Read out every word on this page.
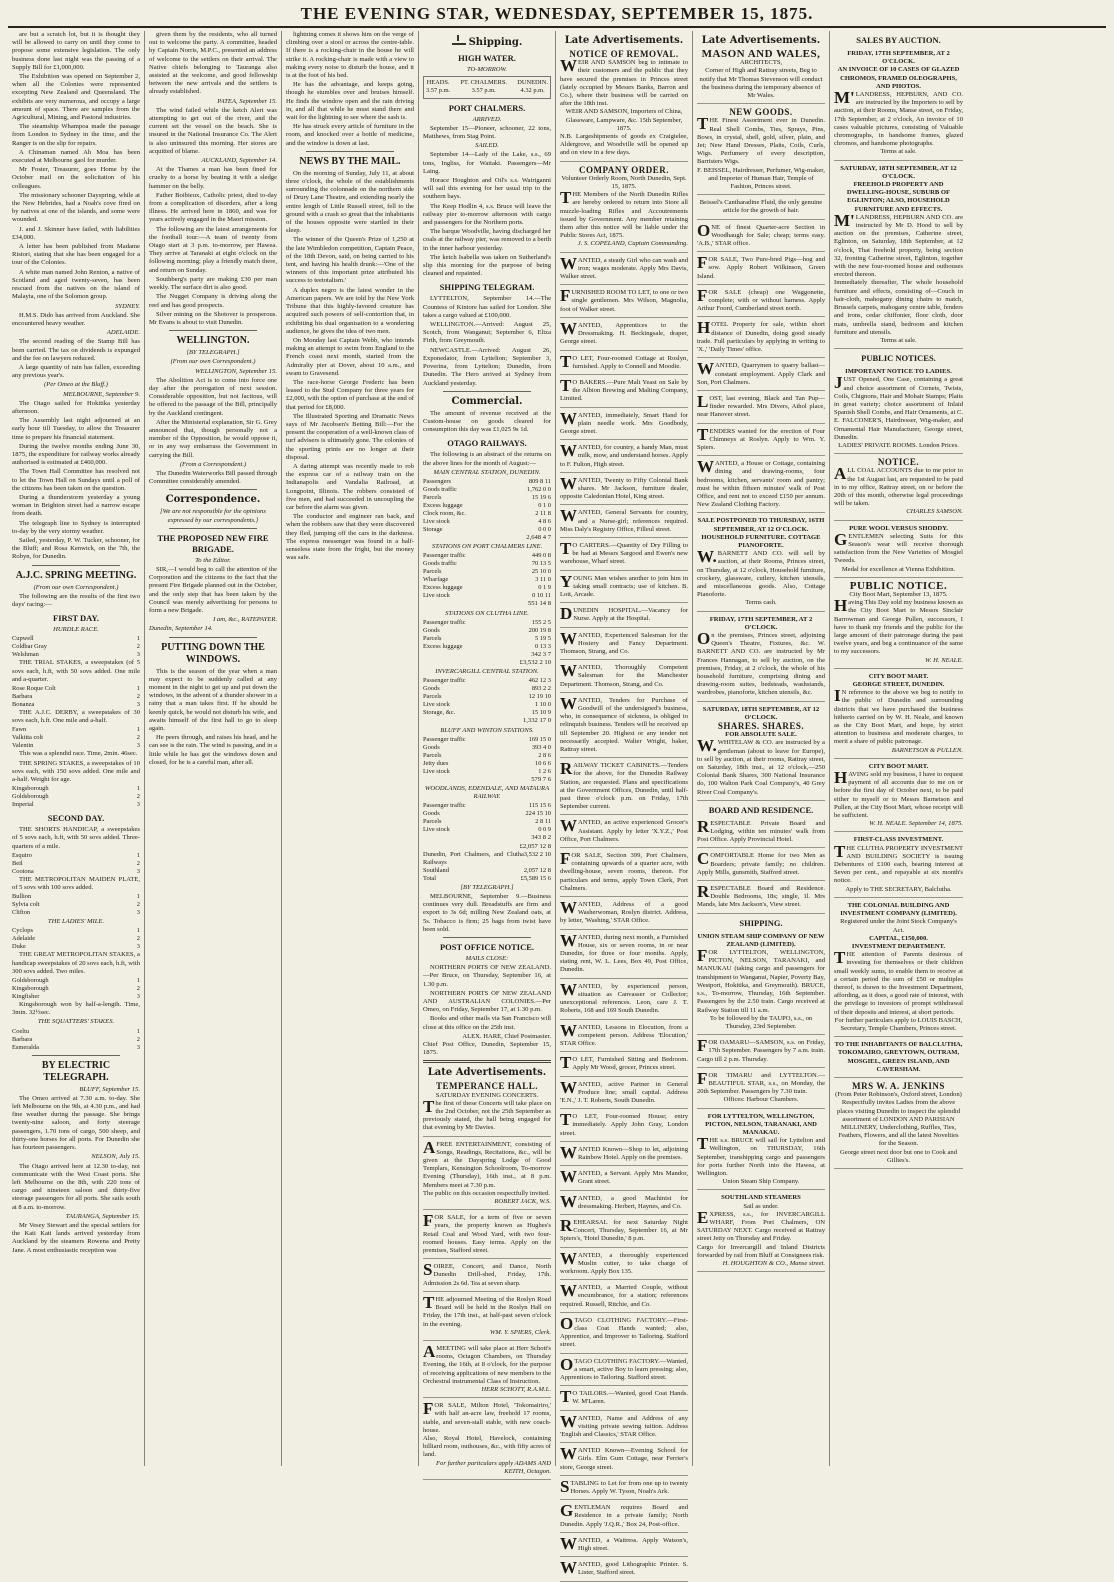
THE EVENING STAR, WEDNESDAY, SEPTEMBER 15, 1875.

are but a scratch lot, but it is thought they will be allowed to carry on until they come to propose some extensive legislation. The only business done last night was the passing of a Supply Bill for £1,000,000.

The Exhibition was opened on September 2, when all the Colonies were represented excepting New Zealand and Queensland. The exhibits are very numerous, and occupy a large amount of space. There are samples from the Agricultural, Mining, and Pastoral industries.

The steamship Whampoa made the passage from London to Sydney in the time, and the Ranger is on the slip for repairs.

A Chinaman named Ah Moa has been executed at Melbourne gaol for murder.

Mr Foster, Treasurer, goes Home by the October mail on the solicitation of his colleagues.

The missionary schooner Dayspring, while at the New Hebrides, had a Noah's cove fired on by natives at one of the islands, and some were wounded.

J. and J. Skinner have failed, with liabilities £34,000.

A letter has been published from Madame Ristori, stating that she has been engaged for a tour of the Colonies.

A white man named John Renton, a native of Scotland and aged twenty-seven, has been rescued from the natives on the island of Malayta, one of the Solomon group.

SYDNEY.

H.M.S. Dido has arrived from Auckland. She encountered heavy weather.

ADELAIDE.

The second reading of the Stamp Bill has been carried. The tax on dividends is expunged and the fee on lawyers reduced.

A large quantity of rain has fallen, exceeding any previous year's.

(Per Omeo at the Bluff.)
MELBOURNE, September 9.

The Otago sailed for Hokitika yesterday afternoon.

The Assembly last night adjourned at an early hour till Tuesday, to allow the Treasurer time to prepare his financial statement.

During the twelve months ending June 30, 1875, the expenditure for railway works already authorised is estimated at £460,000.

The Town Hall Committee has resolved not to let the Town Hall on Sundays until a poll of the citizens has been taken on the question.

During a thunderstorm yesterday a young woman in Brighton street had a narrow escape from death.

The telegraph line to Sydney is interrupted to-day by the very stormy weather.

Sailed, yesterday, P. W. Tucker, schooner, for the Bluff; and Rosa Kenwick, on the 7th, the Robyn, for Dunedin.

A.J.C. SPRING MEETING.
(From our own Correspondent.)

The following are the results of the first two days' racing:—

FIRST DAY.
HURDLE RACE.
Cupwell	1
Coldbar Gray	2
Welshman	3

THE TRIAL STAKES, a sweepstakes (of 5 sovs each, h.ft, with 50 sovs added. One mile and a-quarter.

Rose Roque Colt	1
Barbara	2
Bonanza	3

THE A.J.C. DERBY, a sweepstakes of 30 sovs each, h.ft. One mile and a-half.

Fawn	1
Valkitta colt	2
Valentin	3

This was a splendid race. Time, 2min. 46sec.

THE SPRING STAKES, a sweepstakes of 10 sovs each, with 150 sovs added. One mile and a-half. Weight for age.

Kingsborough	1
Goldsborough	2
Imperial	3
SECOND DAY.

THE SHORTS HANDICAP, a sweepstakes of 5 sovs each, h.ft, with 50 sovs added. Three-quarters of a mile.

Esquiro	1
Beil	2
Cootona	3

THE METROPOLITAN MAIDEN PLATE, of 5 sovs with 100 sovs added.

Bullion	1
Sylvia colt	2
Clifton	3
THE LADIES' MILE.
Cyclops	1
Adelaide	2
Duke	3

THE GREAT METROPOLITAN STAKES, a handicap sweepstakes of 20 sovs each, h.ft, with 300 sovs added. Two miles.

Goldsborough	1
Kingsborough	2
Kingfisher	3

Kingsborough won by half-a-length. Time, 3min. 32½sec.

THE SQUATTERS' STAKES.
Coeltu	1
Barbara	2
Esmeralda	3
BY ELECTRIC TELEGRAPH.
BLUFF, September 15.

The Omeo arrived at 7.30 a.m. to-day. She left Melbourne on the 9th, at 4.30 p.m., and had fine weather during the passage. She brings twenty-nine saloon, and forty steerage passengers, 1.70 tons of cargo, 500 sheep, and thirty-one horses for all ports. For Dunedin she has fourteen passengers.

NELSON, July 15.

The Otago arrived here at 12.30 to-day, not communicate with the West Coast ports. She left Melbourne on the 8th, with 220 tons of cargo and nineteen saloon and thirty-five steerage passengers for all ports. She sails south at 8 a.m. to-morrow.

TAURANGA, September 15.

Mr Vesey Stewart and the special settlers for the Kati Kati lands arrived yesterday from Auckland by the steamers Rowena and Pretty Jane. A most enthusiastic reception was

given them by the residents, who all turned out to welcome the party. A committee, headed by Captain Norris, M.P.C., presented an address of welcome to the settlers on their arrival. The Native chiefs belonging to Tauranga also assisted at the welcome, and good fellowship between the new arrivals and the settlers is already established.

PATEA, September 15.

The wind failed while the ketch Alert was attempting to get out of the river, and the current set the vessel on the beach. She is insured in the National Insurance Co. The Alert is also uninsured this morning. Her stores are acquitted of blame.

AUCKLAND, September 14.

At the Thames a man has been fined for cruelty to a horse by beating it with a sledge hammer on the belly.

Father Boibieux, Catholic priest, died to-day from a complication of disorders, after a long illness. He arrived here in 1860, and was for years actively engaged in the Maori mission.

The following are the latest arrangements for the football tour:—A team of twenty from Otago start at 3 p.m. to-morrow, per Hawea. They arrive at Taranaki at eight o'clock on the following morning; play a friendly match there, and return on Sunday.

Southberg's party are making £30 per man weekly. The surface dirt is also good.

The Nugget Company is driving along the reef and has good prospects.

Silver mining on the Shotover is prosperous. Mr Evans is about to visit Dunedin.

WELLINGTON.
[BY TELEGRAPH.]
(From our own Correspondent.)
WELLINGTON, September 15.

The Abolition Act is to come into force one day after the prorogation of next session. Considerable opposition, but not factious, will be offered to the passage of the Bill, principally by the Auckland contingent.

After the Ministerial explanation, Sir G. Grey announced that, though personally not a member of the Opposition, he would oppose it, or in any way embarrass the Government in carrying the Bill.

(From a Correspondent.)

The Dunedin Waterworks Bill passed through Committee considerably amended.

Correspondence.
[We are not responsible for the opinions expressed by our correspondents.]
THE PROPOSED NEW FIRE BRIGADE.
To the Editor.

SIR,—I would beg to call the attention of the Corporation and the citizens to the fact that the present Fire Brigade planned out in the October, and the only step that has been taken by the Council was merely advertising for persons to form a new Brigade.

I am, &c., RATEPAYER.
Dunedin, September 14.
PUTTING DOWN THE WINDOWS.

This is the season of the year when a man may expect to be suddenly called at any moment in the night to get up and put down the windows, in the advent of a thunder shower in a rainy that a man takes first. If he should be keenly quick, he would not disturb his wife, and awaits himself of the first hall to go to sleep again.

He peers through, and raises his head, and he can see is the rain. The wind is passing, and in a little while he has got the windows down and closed, for he is a careful man, after all.

lightning comes it shows him on the verge of climbing over a stool or across the centre-table. If there is a rocking-chair in the house he will strike it. A rocking-chair is made with a view to making every noise to disturb the house, and it is at the foot of his bed.

He has the advantage, and keeps going, though he stumbles over and bruises himself. He finds the window open and the rain driving in, and all that while he must stand there and wait for the lightning to see where the sash is.

He has struck every article of furniture in the room, and knocked over a bottle of medicine, and the window is down at last.

NEWS BY THE MAIL.

On the morning of Sunday, July 11, at about three o'clock, the whole of the establishments surrounding the colonnade on the northern side of Drury Lane Theatre, and extending nearly the entire length of Little Russell street, fell to the ground with a crash so great that the inhabitants of the houses opposite were startled in their sleep.

The winner of the Queen's Prize of 1,250 at the late Wimbledon competition, Captain Peace, of the 18th Devon, said, on being carried to his tent, and having his health drunk:—'One of the winners of this important prize attributed his success to teetotalism.'

A duplex negro is the latest wonder in the American papers. We are told by the New York Tribune that this highly-favored creature has acquired such powers of self-contortion that, in exhibiting his dual organisation to a wondering audience, he gives the idea of two men.

On Monday last Captain Webb, who intends making an attempt to swim from England to the French coast next month, started from the Admiralty pier at Dover, about 10 a.m., and swam to Gravesend.

The race-horse George Frederic has been leased to the Stud Company for three years for £2,000, with the option of purchase at the end of that period for £8,000.

The Illustrated Sporting and Dramatic News says of Mr Jacobsen's Betting Bill:—For the present the cooperation of a well-known class of turf advisers is ultimately gone. The colonies of the sporting prints are no longer at their disposal.

A daring attempt was recently made to rob the express car of a railway train on the Indianapolis and Vandalia Railroad, at Longpoint, Illinois. The robbers consisted of five men, and had succeeded in uncoupling the car before the alarm was given.

The conductor and engineer ran back, and when the robbers saw that they were discovered they fled, jumping off the cars in the darkness. The express messenger was found in a half-senseless state from the fright, but the money was safe.

Shipping.
HIGH WATER.
TO-MORROW.
HEADS.
3.57 p.m.
PT. CHALMERS.
3.57 p.m.
DUNEDIN.
4.32 p.m.
PORT CHALMERS.
ARRIVED.

September 15—Pioneer, schooner, 22 tons, Matthews, from Stag Point.

SAILED.

September 14—Lady of the Lake, s.s., 69 tons, Ingliss, for Waitaki. Passengers—Mr Laing.

Horace Houghton and Oil's s.s. Wairiganni will sail this evening for her usual trip to the southern bays.

The Keep Hodlin 4, s.s. Bruce will leave the railway pier to-morrow afternoon with cargo and passengers for the Northern ports.

The barque Woodville, having discharged her coals at the railway pier, was removed to a berth in the inner harbour yesterday.

The ketch Isabella was taken on Sutherland's slip this morning for the purpose of being cleaned and repainted.

SHIPPING TELEGRAM.

LYTTELTON, September 14.—The Countess of Kintore has sailed for London. She takes a cargo valued at £100,000.

WELLINGTON.—Arrived: August 25, Scotch, from Wanganui; September 6, Eliza Firth, from Greymouth.

NEWCASTLE.—Arrived: August 26, Exponedator, from Lyttelton; September 3, Poverina, from Lyttelton; Dunedin, from Dunedin. The Hero arrived at Sydney from Auckland yesterday.

Commercial.

The amount of revenue received at the Custom-house on goods cleared for consumption this day was £1,025 9s 1d.

OTAGO RAILWAYS.

The following is an abstract of the returns on the above lines for the month of August:—

MAIN CENTRAL STATION, DUNEDIN.
Passengers	809 8 11
Goods traffic	1,762 0 0
Parcels	15 19 6
Excess luggage	0 1 0
Clock room, &c.	2 11 8
Live stock	4 8 6
Storage	0 0 0
2,648 4 7
STATIONS ON PORT CHALMERS LINE.
Passenger traffic	449 0 8
Goods traffic	70 13 5
Parcels	25 10 0
Wharfage	3 11 0
Excess luggage	0 1 9
Live stock	0 10 11
551 14 8
STATIONS ON CLUTHA LINE.
Passenger traffic	155 2 5
Goods	200 19 8
Parcels	5 19 5
Excess luggage	0 13 3
342 3 7
£3,532 2 10
INVERCARGILL CENTRAL STATION.
Passenger traffic	462 12 3
Goods	893 2 2
Parcels	12 19 10
Live stock	1 10 0
Storage, &c.	15 10 9
1,332 17 0
BLUFF AND WINTON STATIONS.
Passenger traffic	169 15 0
Goods	393 4 0
Parcels	2 8 6
Jetty dues	10 6 6
Live stock	1 2 6
579 7 6
WOODLANDS, EDENDALE, AND MATAURA RAILWAY.
Passenger traffic	115 15 6
Goods	224 15 10
Parcels	2 8 11
Live stock	0 0 9
343 8 2
£2,057 12 8
Dunedin, Port Chalmers, and Clutha Railways	3,532 2 10
Southland	2,057 12 8
Total	£5,589 15 6
[BY TELEGRAPH.]

MELBOURNE, September 9.—Business continues very dull. Breadstuffs are firm and export to 3s 6d; milling New Zealand oats, at 5s. Tobacco is firm; 25 bags from twist have been sold.

POST OFFICE NOTICE.
MAILS CLOSE:

NORTHERN PORTS OF NEW ZEALAND.—Per Bruce, on Thursday, September 16, at 1.30 p.m.

NORTHERN PORTS OF NEW ZEALAND AND AUSTRALIAN COLONIES.—Per Omeo, on Friday, September 17, at 1.30 p.m.

Books and other mails via San Francisco will close at this office on the 25th inst.

ALEX. HARE, Chief Postmaster.
Chief Post Office, Dunedin, September 15, 1875.
Late Advertisements.
TEMPERANCE HALL.
SATURDAY EVENING CONCERTS.
The first of these Concerts will take place on the 2nd October, not the 25th September as previously stated, the hall being engaged for that evening by Mr Davies.
AFREE ENTERTAINMENT, consisting of Songs, Readings, Recitations, &c., will be given at the Dayspring Lodge of Good Templars, Kensington Schoolroom, To-morrow Evening (Thursday), 16th inst., at 8 p.m. Members meet at 7.30 p.m.
The public on this occasion respectfully invited.
ROBERT JACK, W.S.
FOR SALE, for a term of five or seven years, the property known as Hughes's Retail Coal and Wood Yard, with two four-roomed houses. Easy terms. Apply on the premises, Stafford street.
SOIREE, Concert, and Dance, North Dunedin Drill-shed, Friday, 17th. Admission 2s 6d. Tea at seven sharp.
THE adjourned Meeting of the Roslyn Road Board will be held in the Roslyn Hall on Friday, the 17th inst., at half-past seven o'clock in the evening.
WM. Y. SPIERS, Clerk.
AMEETING will take place at Herr Schott's rooms, Octagon Chambers, on Thursday Evening, the 16th, at 8 o'clock, for the purpose of receiving applications of new members to the Orchestral instrumental Class of Instruction.
HERR SCHOTT, R.A.M.L.
FOR SALE, Milton Hotel, 'Tokomairiro,' with half an-acre law, freehold 17 rooms, stable, and seven-stall stable, with new coach-house.
Also, Royal Hotel, Havelock, containing billiard room, outhouses, &c., with fifty acres of land.
For further particulars apply ADAMS AND KEITH, Octagon.
Late Advertisements.
NOTICE OF REMOVAL.
WEIR AND SAMSON beg to intimate to their customers and the public that they have secured the premises in Princes street (lately occupied by Messrs Banks, Barron and Co.), where their business will be carried on after the 18th inst.
WEIR AND SAMSON, Importers of China, Glassware, Lampware, &c. 15th September, 1875.
N.B. Largeshipments of goods ex Craigielee, Aldergrove, and Woodville will be opened up and on view in a few days.
COMPANY ORDER.
Volunteer Orderly Room, North Dunedin, Sept. 15, 1875.
THE Members of the North Dunedin Rifles are hereby ordered to return into Store all muzzle-loading Rifles and Accoutrements issued by Government. Any member retaining them after this notice will be liable under the Public Stores Act, 1875.
J. S. COPELAND, Captain Commanding.
WANTED, a steady Girl who can wash and iron; wages moderate. Apply Mrs Davis, Walker street.
FURNISHED ROOM TO LET, to one or two single gentlemen. Mrs Wilson, Magnolia, foot of Walker street.
WANTED, Apprentices to the Dressmaking. H. Beckingsale, draper, George street.
TO LET, Four-roomed Cottage at Roslyn, furnished. Apply to Connell and Moodie.
TO BAKERS.—Pure Malt Yeast on Sale by the Albion Brewing and Malting Company, Limited.
WANTED, immediately, Smart Hand for plain needle work. Mrs Goodbody, George street.
WANTED, for country, a handy Man, must milk, mow, and understand horses. Apply to F. Fulton, High street.
WANTED, Twenty to Fifty Colonial Bank shares. Mr Jackson, furniture dealer, opposite Caledonian Hotel, King street.
WANTED, General Servants for country, and a Nurse-girl; references required. Miss Daly's Registry Office, Filleul street.
TO CARTERS.—Quantity of Dry Filling to be had at Messrs Sargood and Ewen's new warehouse, Wharf street.
YOUNG Man wishes another to join him in taking small contracts; use of kitchen. B. Lott, Arcade.
DUNEDIN HOSPITAL.—Vacancy for Nurse. Apply at the Hospital.
WANTED, Experienced Salesman for the Hosiery and Fancy Department. Thomson, Strang, and Co.
WANTED, Thoroughly Competent Salesman for the Manchester Department. Thomson, Strang, and Co.
WANTED, Tenders for Purchase of Goodwill of the undersigned's business, who, in consequence of sickness, is obliged to relinquish business. Tenders will be received up till September 20. Highest or any tender not necessarily accepted. Walter Wright, baker, Rattray street.
RAILWAY TICKET CABINETS.—Tenders for the above, for the Dunedin Railway Station, are requested. Plans and specifications at the Government Offices, Dunedin, until half-past three o'clock p.m. on Friday, 17th September current.
WANTED, an active experienced Grocer's Assistant. Apply by letter 'X.Y.Z.,' Post Office, Port Chalmers.
FOR SALE, Section 399, Port Chalmers, containing upwards of a quarter acre, with dwelling-house, seven rooms, thereon. For particulars and terms, apply Town Clerk, Port Chalmers.
WANTED, Address of a good Washerwoman, Roslyn district. Address, by letter, 'Washing,' STAR Office.
WANTED, during next month, a Furnished House, six or seven rooms, in or near Dunedin, for three or four months. Apply, stating rent, W. L. Lees, Box 49, Post Office, Dunedin.
WANTED, by experienced person, situation as Canvasser or Collector; unexceptional references. Leon, care J. T. Roberts, 168 and 169 South Dunedin.
WANTED, Lessons in Elocution, from a competent person. Address 'Elocution,' STAR Office.
TO LET, Furnished Sitting and Bedroom. Apply Mr Wood, grocer, Princes street.
WANTED, active Partner in General Produce line; small capital. Address 'E.N.,' J. T. Roberts, South Dunedin.
TO LET, Four-roomed House; entry immediately. Apply John Gray, London street.
WANTED Known—Shop to let, adjoining Rainbow Hotel. Apply on the premises.
WANTED, a Servant. Apply Mrs Mandor, Grant street.
WANTED, a good Machinist for dressmaking. Herbert, Haynes, and Co.
REHEARSAL for next Saturday Night Concert, Thursday, September 16, at Mr Spiers's, 'Hotel Dunedin,' 8 p.m.
WANTED, a thoroughly experienced Muslin cutter, to take charge of workroom. Apply Box 135.
WANTED, a Married Couple, without encumbrance, for a station; references required. Russell, Ritchie, and Co.
OTAGO CLOTHING FACTORY.—First-class Coat Hands wanted; also, Apprentice, and Improver to Tailoring. Stafford street.
OTAGO CLOTHING FACTORY.—Wanted, a smart, active Boy to learn pressing; also, Apprentices to Tailoring. Stafford street.
TO TAILORS.—Wanted, good Coat Hands. W. M'Laren.
WANTED, Name and Address of any visiting private sewing tuition. Address 'English and Classics,' STAR Office.
WANTED Known—Evening School for Girls. Elm Gum Cottage, near Ferrier's store, George street.
STABLING to Let for from one up to twenty Horses. Apply W. Tyson, Noah's Ark.
GENTLEMAN requires Board and Residence in a private family; North Dunedin. Apply 'J.Q.R.,' Box 24, Post-office.
WANTED, a Waitress. Apply Watson's, High street.
WANTED, good Lithographic Printer. S. Lister, Stafford street.
Late Advertisements.
MASON AND WALES,
ARCHITECTS,
Corner of High and Rattray streets, Beg to notify that Mr Thomas Stevenson will conduct the business during the temporary absence of Mr Wales.
NEW GOODS.
THE Finest Assortment ever in Dunedin. Real Shell Combs, Ties, Sprays, Pins, Bows, in crystal, shell, gold, silver, plain, and Jet; New Hand Dresses, Plaits, Coils, Curls, Wigs. Perfumery of every description, Barristers Wigs.
F. BEISSEL, Hairdresser, Perfumer, Wig-maker, and Importer of Human Hair, Temple of Fashion, Princes street.
Beissel's Cantharadine Fluid, the only genuine article for the growth of hair.
ONE of finest Quarter-acre Section in Woodhaugh for Sale; cheap; terms easy. 'A.B.,' STAR office.
FOR SALE, Two Pure-bred Pigs—hog and sow. Apply Robert Wilkinson, Green Island.
FOR SALE (cheap) one Waggonette, complete; with or without harness. Apply Arthur Foord, Cumberland street north.
HOTEL Property for sale, within short distance of Dunedin, doing good steady trade. Full particulars by applying in writing to 'X.,' 'Daily Times' office.
WANTED, Quarrymen to quarry ballast—constant employment. Apply Clark and Son, Port Chalmers.
LOST, last evening, Black and Tan Pup—finder rewarded. Mrs Divers, Athol place, near Hanover street.
TENDERS wanted for the erection of Four Chimneys at Roslyn. Apply to Wm. Y. Spiers.
WANTED, a House or Cottage, containing dining and drawing-rooms, four bedrooms, kitchen, servants' room and pantry; must be within fifteen minutes' walk of Post Office, and rent not to exceed £150 per annum. New Zealand Clothing Factory.
SALE POSTPONED TO THURSDAY, 16TH SEPTEMBER, AT 12 O'CLOCK.
HOUSEHOLD FURNITURE. COTTAGE PIANOFORTE.
W.BARNETT AND CO. will sell by auction, at their Rooms, Princes street, on Thursday, at 12 o'clock, Household furniture, crockery, glassware, cutlery, kitchen utensils, and miscellaneous goods. Also, Cottage Pianoforte.
Terms cash.
FRIDAY, 17TH SEPTEMBER, AT 2 O'CLOCK.
On the premises, Princes street, adjoining Queen's Theatre, Fixtures, &c. W. BARNETT AND CO. are instructed by Mr Frances Hannagan, to sell by auction, on the premises, Friday, at 2 o'clock, the whole of his household furniture, comprising dining and drawing-room suites, bedsteads, washstands, wardrobes, pianoforte, kitchen utensils, &c.
SATURDAY, 18TH SEPTEMBER, AT 12 O'CLOCK.
SHARES. SHARES.
FOR ABSOLUTE SALE.
W.WHITELAW & CO. are instructed by a gentleman (about to leave for Europe), to sell by auction, at their rooms, Rattray street, on Saturday, 18th inst., at 12 o'clock,—250 Colonial Bank Shares, 300 National Insurance do, 100 Walton Park Coal Company's, 40 Grey River Coal Company's.
BOARD AND RESIDENCE.
RESPECTABLE Private Board and Lodging, within ten minutes' walk from Post Office. Apply Provincial Hotel.
COMFORTABLE Home for two Men as Boarders; private family; no children. Apply Mills, gunsmith, Stafford street.
RESPECTABLE Board and Residence. Double Bedrooms, 18s; single, 1l. Mrs Mands, late Mrs Jackson's, View street.
SHIPPING.
UNION STEAM SHIP COMPANY OF NEW ZEALAND (LIMITED).
FOR LYTTELTON, WELLINGTON, PICTON, NELSON, TARANAKI, and MANUKAU (taking cargo and passengers for transhipment to Wanganui, Napier, Poverty Bay, Westport, Hokitika, and Greymouth). BRUCE, s.s., To-morrow, Thursday, 16th September. Passengers by the 2.50 train. Cargo received at Railway Station till 11 a.m.
To be followed by the TAUPO, s.s., on Thursday, 23rd September.
FOR OAMARU—SAMSON, s.s. on Friday, 17th September. Passengers by 7 a.m. train. Cargo till 2 p.m. Thursday.
FOR TIMARU and LYTTELTON.—BEAUTIFUL STAR, s.s., on Monday, the 20th September. Passengers by 7.30 train.
Offices: Harbour Chambers.
FOR LYTTELTON, WELLINGTON, PICTON, NELSON, TARANAKI, AND MANAKAU.
THE s.s. BRUCE will sail for Lyttelton and Wellington, on THURSDAY, 16th September, transhipping cargo and passengers for ports further North into the Hawea, at Wellington.
Union Steam Ship Company.
SOUTHLAND STEAMERS
Sail as under.
EXPRESS, s.s., for INVERCARGILL WHARF, From Port Chalmers, ON SATURDAY NEXT. Cargo received at Rattray street Jetty on Thursday and Friday.
Cargo for Invercargill and Inland Districts forwarded by rail from Bluff at Consignees risk.
H. HOUGHTON & CO., Manse street.
SALES BY AUCTION.
FRIDAY, 17TH SEPTEMBER, AT 2 O'CLOCK.
AN INVOICE OF 10 CASES OF GLAZED CHROMOS, FRAMED OLEOGRAPHS, AND PHOTOS.
M'LANDRESS, HEPBURN, AND CO. are instructed by the Importers to sell by auction, at their Rooms, Manse street, on Friday, 17th September, at 2 o'clock, An invoice of 10 cases valuable pictures, consisting of Valuable chromographs, in handsome frames, glazed chromos, and handsome photographs.
Terms at sale.
SATURDAY, 18TH SEPTEMBER, AT 12 O'CLOCK.
FREEHOLD PROPERTY AND DWELLING-HOUSE, SUBURB OF EGLINTON; ALSO, HOUSEHOLD FURNITURE AND EFFECTS.
M'LANDRESS, HEPBURN AND CO. are instructed by Mr D. Hood to sell by auction on the premises, Catherine street, Eglinton, on Saturday, 18th September, at 12 o'clock, That freehold property, being section 32, fronting Catherine street, Eglinton, together with the new four-roomed house and outhouses erected thereon.
Immediately thereafter, The whole household furniture and effects, consisting of—Couch in hair-cloth, mahogany dining chairs to match, Brussels carpets, mahogany centre table, fenders and irons, cedar chiffonier, floor cloth, door mats, umbrella stand, bedroom and kitchen furniture and utensils.
Terms at sale.
PUBLIC NOTICES.
IMPORTANT NOTICE TO LADIES.
JUST Opened, One Case, containing a great and choice assortment of Cornets, Twists, Coils, Chignons, Hair and Mohair Stamps; Plaits in great variety; choice assortment of Inlaid Spanish Shell Combs, and Hair Ornaments, at C. E. FALCONER'S, Hairdresser, Wig-maker, and Ornamental Hair Manufacturer, George street, Dunedin.
LADIES' PRIVATE ROOMS. London Prices.
NOTICE.
ALL COAL ACCOUNTS due to me prior to the 1st August last, are requested to be paid in to my office, Rattray street, on or before the 20th of this month, otherwise legal proceedings will be taken.
CHARLES SAMSON.
PURE WOOL VERSUS SHODDY.
GENTLEMEN selecting Suits for this Season's wear will receive thorough satisfaction from the New Varieties of Mosgiel Tweeds.
Medal for excellence at Vienna Exhibition.
PUBLIC NOTICE.
City Boot Mart, September 13, 1875.
Having This Day sold my business known as the City Boot Mart to Messrs Sinclair Barrowman and George Pullen, successors, I have to thank my friends and the public for the large amount of their patronage during the past twelve years, and beg a continuance of the same to my successors.
W. H. NEALE.
CITY BOOT MART.
GEORGE STREET, DUNEDIN.
IN reference to the above we beg to notify to the public of Dunedin and surrounding districts that we have purchased the business hitherto carried on by W. H. Neale, and known as the City Boot Mart, and hope, by strict attention to business and moderate charges, to merit a share of public patronage.
BARNETSON & PULLEN.
CITY BOOT MART.
HAVING sold my business, I have to request payment of all accounts due to me on or before the first day of October next, to be paid either to myself or to Messrs Barnetson and Pullen, at the City Boot Mart, whose receipt will be sufficient.
W. H. NEALE. September 14, 1875.
FIRST-CLASS INVESTMENT.
THE CLUTHA PROPERTY INVESTMENT AND BUILDING SOCIETY is issuing Debentures of £100 each, bearing interest at Seven per cent., and repayable at six month's notice.
Apply to THE SECRETARY, Balclutha.
THE COLONIAL BUILDING AND INVESTMENT COMPANY (LIMITED).
Registered under the Joint Stock Company's Act.
CAPITAL, £150,000.
INVESTMENT DEPARTMENT.
THE attention of Parents desirous of investing for themselves or their children small weekly sums, to enable them to receive at a certain period the sum of £50 or multiples thereof, is drawn to the Investment Department, affording, as it does, a good rate of interest, with the privilege to investors of prompt withdrawal of their deposits and interest, at short periods.
For further particulars apply to LOUIS BASCH, Secretary, Temple Chambers, Princes street.
TO THE INHABITANTS OF BALCLUTHA, TOKOMAIRO, GREYTOWN, OUTRAM, MOSGIEL, GREEN ISLAND, AND CAVERSHAM.
MRS W. A. JENKINS
(From Peter Robinson's, Oxford street, London)
Respectfully invites Ladies from the above places visiting Dunedin to inspect the splendid assortment of LONDON AND PARISIAN MILLINERY, Underclothing, Ruffles, Ties, Feathers, Flowers, and all the latest Novelties for the Season.
George street next door but one to Cook and Gillies's.
